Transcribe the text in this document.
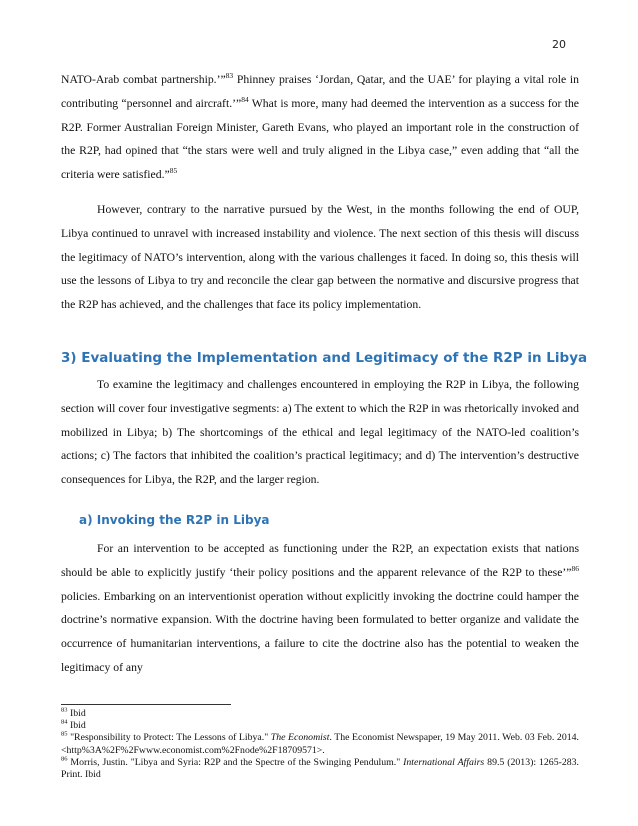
20

NATO-Arab combat partnership.’”$^{83}$ Phinney praises ‘Jordan, Qatar, and the UAE’ for playing a vital role in contributing “personnel and aircraft.’”$^{84}$ What is more, many had deemed the intervention as a success for the R2P. Former Australian Foreign Minister, Gareth Evans, who played an important role in the construction of the R2P, had opined that “the stars were well and truly aligned in the Libya case,” even adding that “all the criteria were satisfied.”$^{85}$

However, contrary to the narrative pursued by the West, in the months following the end of OUP, Libya continued to unravel with increased instability and violence. The next section of this thesis will discuss the legitimacy of NATO’s intervention, along with the various challenges it faced. In doing so, this thesis will use the lessons of Libya to try and reconcile the clear gap between the normative and discursive progress that the R2P has achieved, and the challenges that face its policy implementation.

3) Evaluating the Implementation and Legitimacy of the R2P in Libya

To examine the legitimacy and challenges encountered in employing the R2P in Libya, the following section will cover four investigative segments: a) The extent to which the R2P in was rhetorically invoked and mobilized in Libya; b) The shortcomings of the ethical and legal legitimacy of the NATO-led coalition’s actions; c) The factors that inhibited the coalition’s practical legitimacy; and d) The intervention’s destructive consequences for Libya, the R2P, and the larger region.

a) Invoking the R2P in Libya

For an intervention to be accepted as functioning under the R2P, an expectation exists that nations should be able to explicitly justify ‘their policy positions and the apparent relevance of the R2P to these’”$^{86}$ policies. Embarking on an interventionist operation without explicitly invoking the doctrine could hamper the doctrine’s normative expansion. With the doctrine having been formulated to better organize and validate the occurrence of humanitarian interventions, a failure to cite the doctrine also has the potential to weaken the legitimacy of any

$^{83}$ Ibid

$^{84}$ Ibid

$^{85}$ "Responsibility to Protect: The Lessons of Libya." The Economist. The Economist Newspaper, 19 May 2011. Web. 03 Feb. 2014. <http%3A%2F%2Fwww.economist.com%2Fnode%2F18709571>.

$^{86}$ Morris, Justin. "Libya and Syria: R2P and the Spectre of the Swinging Pendulum." International Affairs 89.5 (2013): 1265-283. Print. Ibid
